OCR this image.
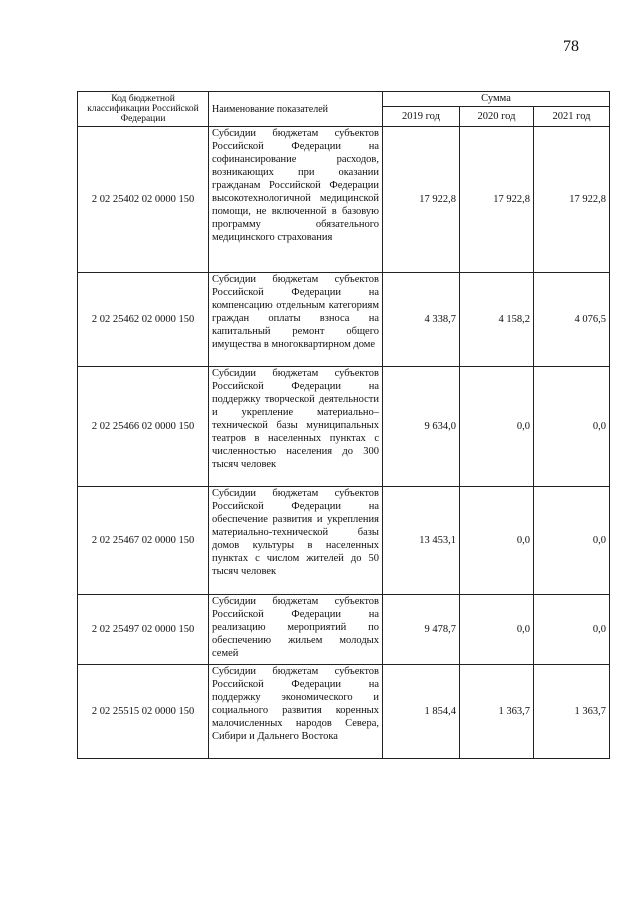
78
Код бюджетной классификации Российской Федерации	Наименование показателей	Сумма		
		2019 год	2020 год	2021 год
2 02 25402 02 0000 150	Субсидии бюджетам субъектов Российской Федерации на софинансирование расходов, возникающих при оказании гражданам Российской Федерации высокотехнологичной медицинской помощи, не включенной в базовую программу обязательного медицинского страхования	17 922,8	17 922,8	17 922,8
2 02 25462 02 0000 150	Субсидии бюджетам субъектов Российской Федерации на компенсацию отдельным категориям граждан оплаты взноса на капитальный ремонт общего имущества в многоквартирном доме	4 338,7	4 158,2	4 076,5
2 02 25466 02 0000 150	Субсидии бюджетам субъектов Российской Федерации на поддержку творческой деятельности и укрепление материально–технической базы муниципальных театров в населенных пунктах с численностью населения до 300 тысяч человек	9 634,0	0,0	0,0
2 02 25467 02 0000 150	Субсидии бюджетам субъектов Российской Федерации на обеспечение развития и укрепления материально-технической базы домов культуры в населенных пунктах с числом жителей до 50 тысяч человек	13 453,1	0,0	0,0
2 02 25497 02 0000 150	Субсидии бюджетам субъектов Российской Федерации на реализацию мероприятий по обеспечению жильем молодых семей	9 478,7	0,0	0,0
2 02 25515 02 0000 150	Субсидии бюджетам субъектов Российской Федерации на поддержку экономического и социального развития коренных малочисленных народов Севера, Сибири и Дальнего Востока	1 854,4	1 363,7	1 363,7
